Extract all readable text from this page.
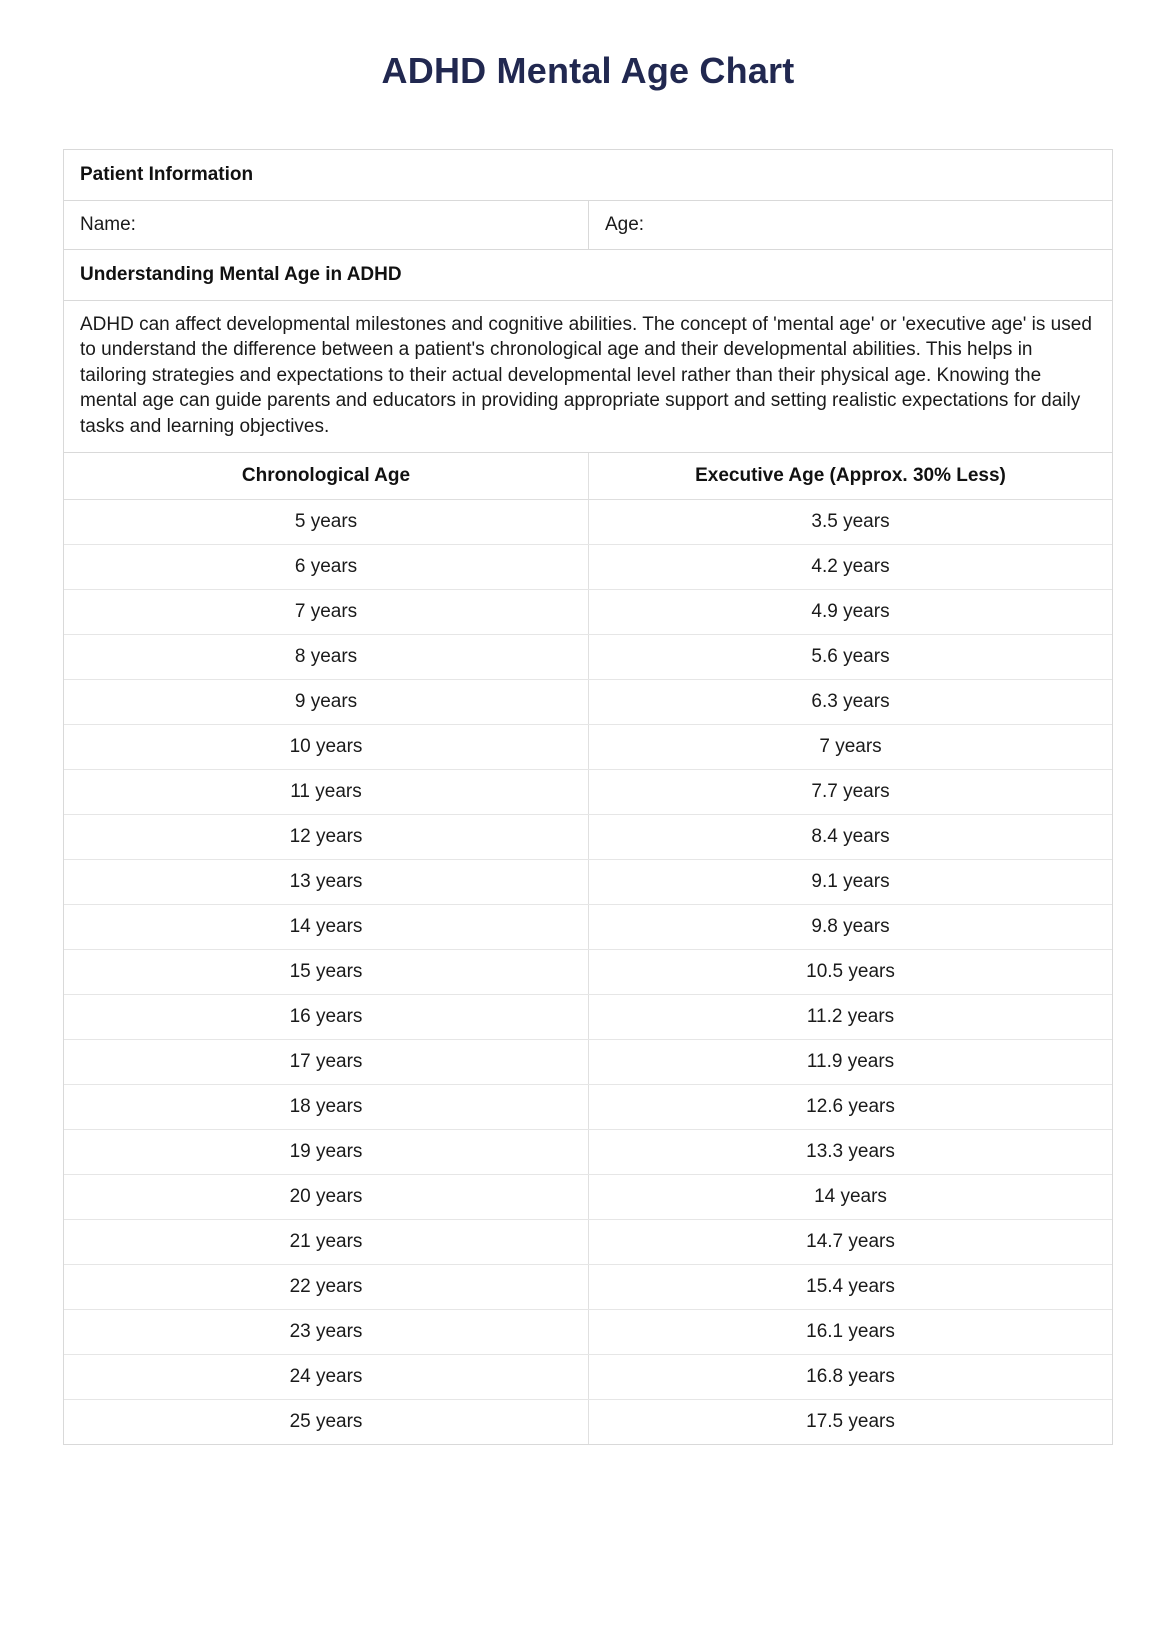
ADHD Mental Age Chart
Patient Information
Name:	Age:
Understanding Mental Age in ADHD
ADHD can affect developmental milestones and cognitive abilities. The concept of 'mental age' or 'executive age' is used to understand the difference between a patient's chronological age and their developmental abilities. This helps in tailoring strategies and expectations to their actual developmental level rather than their physical age. Knowing the mental age can guide parents and educators in providing appropriate support and setting realistic expectations for daily tasks and learning objectives.
Chronological Age	Executive Age (Approx. 30% Less)
5 years	3.5 years
6 years	4.2 years
7 years	4.9 years
8 years	5.6 years
9 years	6.3 years
10 years	7 years
11 years	7.7 years
12 years	8.4 years
13 years	9.1 years
14 years	9.8 years
15 years	10.5 years
16 years	11.2 years
17 years	11.9 years
18 years	12.6 years
19 years	13.3 years
20 years	14 years
21 years	14.7 years
22 years	15.4 years
23 years	16.1 years
24 years	16.8 years
25 years	17.5 years
